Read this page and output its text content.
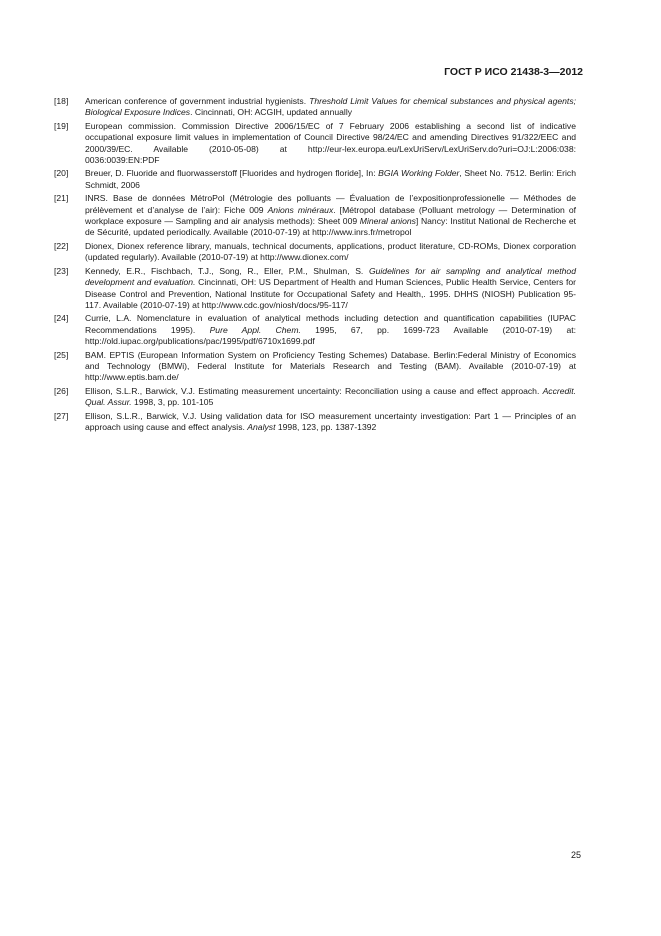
ГОСТ Р ИСО 21438-3—2012
[18]	American conference of government industrial hygienists. Threshold Limit Values for chemical substances and physical agents; Biological Exposure Indices. Cincinnati, OH: ACGIH, updated annually
[19]	European commission. Commission Directive 2006/15/EC of 7 February 2006 establishing a second list of indicative occupational exposure limit values in implementation of Council Directive 98/24/EC and amending Directives 91/322/EEC and 2000/39/EC. Available (2010-05-08) at http://eur-lex.europa.eu/LexUriServ/LexUriServ.do?uri=OJ:L:2006:038: 0036:0039:EN:PDF
[20]	Breuer, D. Fluoride and fluorwasserstoff [Fluorides and hydrogen floride], In: BGIA Working Folder, Sheet No. 7512. Berlin: Erich Schmidt, 2006
[21]	INRS. Base de données MétroPol (Métrologie des polluants — Évaluation de l’expositionprofessionelle — Méthodes de prélèvement et d’analyse de l’air): Fiche 009 Anions minéraux. [Métropol database (Polluant metrology — Determination of workplace exposure — Sampling and air analysis methods): Sheet 009 Mineral anions] Nancy: Institut National de Recherche et de Sécurité, updated periodically. Available (2010-07-19) at http://www.inrs.fr/metropol
[22]	Dionex, Dionex reference library, manuals, technical documents, applications, product literature, CD-ROMs, Dionex corporation (updated regularly). Available (2010-07-19) at http://www.dionex.com/
[23]	Kennedy, E.R., Fischbach, T.J., Song, R., Eller, P.M., Shulman, S. Guidelines for air sampling and analytical method development and evaluation. Cincinnati, OH: US Department of Health and Human Sciences, Public Health Service, Centers for Disease Control and Prevention, National Institute for Occupational Safety and Health,. 1995. DHHS (NIOSH) Publication 95-117. Available (2010-07-19) at http://www.cdc.gov/niosh/docs/95-117/
[24]	Currie, L.A. Nomenclature in evaluation of analytical methods including detection and quantification capabilities (IUPAC Recommendations 1995). Pure Appl. Chem. 1995, 67, pp. 1699-723 Available (2010-07-19) at: http://old.iupac.org/publications/pac/1995/pdf/6710x1699.pdf
[25]	BAM. EPTIS (European Information System on Proficiency Testing Schemes) Database. Berlin:Federal Ministry of Economics and Technology (BMWi), Federal Institute for Materials Research and Testing (BAM). Available (2010-07-19) at http://www.eptis.bam.de/
[26]	Ellison, S.L.R., Barwick, V.J. Estimating measurement uncertainty: Reconciliation using a cause and effect approach. Accredit. Qual. Assur. 1998, 3, pp. 101-105
[27]	Ellison, S.L.R., Barwick, V.J. Using validation data for ISO measurement uncertainty investigation: Part 1 — Principles of an approach using cause and effect analysis. Analyst 1998, 123, pp. 1387-1392
25
